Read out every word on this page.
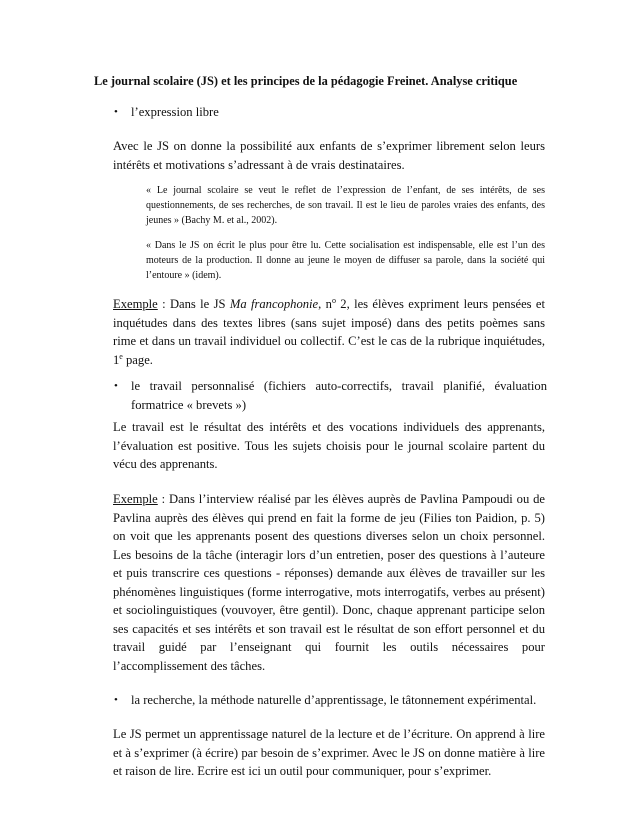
Le journal scolaire (JS) et les principes de la pédagogie Freinet. Analyse critique
• l’expression libre
Avec le JS on donne la possibilité aux enfants de s’exprimer librement selon leurs intérêts et motivations s’adressant à de vrais destinataires.
« Le journal scolaire se veut le reflet de l’expression de l’enfant, de ses intérêts, de ses questionnements, de ses recherches, de son travail. Il est le lieu de paroles vraies des enfants, des jeunes » (Bachy M. et al., 2002).
« Dans le JS on écrit le plus pour être lu. Cette socialisation est indispensable, elle est l’un des moteurs de la production. Il donne au jeune le moyen de diffuser sa parole, dans la société qui l’entoure » (idem).
Exemple : Dans le JS Ma francophonie, $n^o$ 2, les élèves expriment leurs pensées et inquétudes dans des textes libres (sans sujet imposé) dans des petits poèmes sans rime et dans un travail individuel ou collectif. C’est le cas de la rubrique inquiétudes, 1e page.
• le travail personnalisé (fichiers auto-correctifs, travail planifié, évaluation formatrice « brevets »)
Le travail est le résultat des intérêts et des vocations individuels des apprenants, l’évaluation est positive. Tous les sujets choisis pour le journal scolaire partent du vécu des apprenants.
Exemple : Dans l’interview réalisé par les élèves auprès de Pavlina Pampoudi ou de Pavlina auprès des élèves qui prend en fait la forme de jeu (Filies ton Paidion, p. 5) on voit que les apprenants posent des questions diverses selon un choix personnel. Les besoins de la tâche (interagir lors d’un entretien, poser des questions à l’auteure et puis transcrire ces questions - réponses) demande aux élèves de travailler sur les phénomènes linguistiques (forme interrogative, mots interrogatifs, verbes au présent) et sociolinguistiques (vouvoyer, être gentil). Donc, chaque apprenant participe selon ses capacités et ses intérêts et son travail est le résultat de son effort personnel et du travail guidé par l’enseignant qui fournit les outils nécessaires pour l’accomplissement des tâches.
• la recherche, la méthode naturelle d’apprentissage, le tâtonnement expérimental.
Le JS permet un apprentissage naturel de la lecture et de l’écriture. On apprend à lire et à s’exprimer (à écrire) par besoin de s’exprimer. Avec le JS on donne matière à lire et raison de lire. Ecrire est ici un outil pour communiquer, pour s’exprimer.
